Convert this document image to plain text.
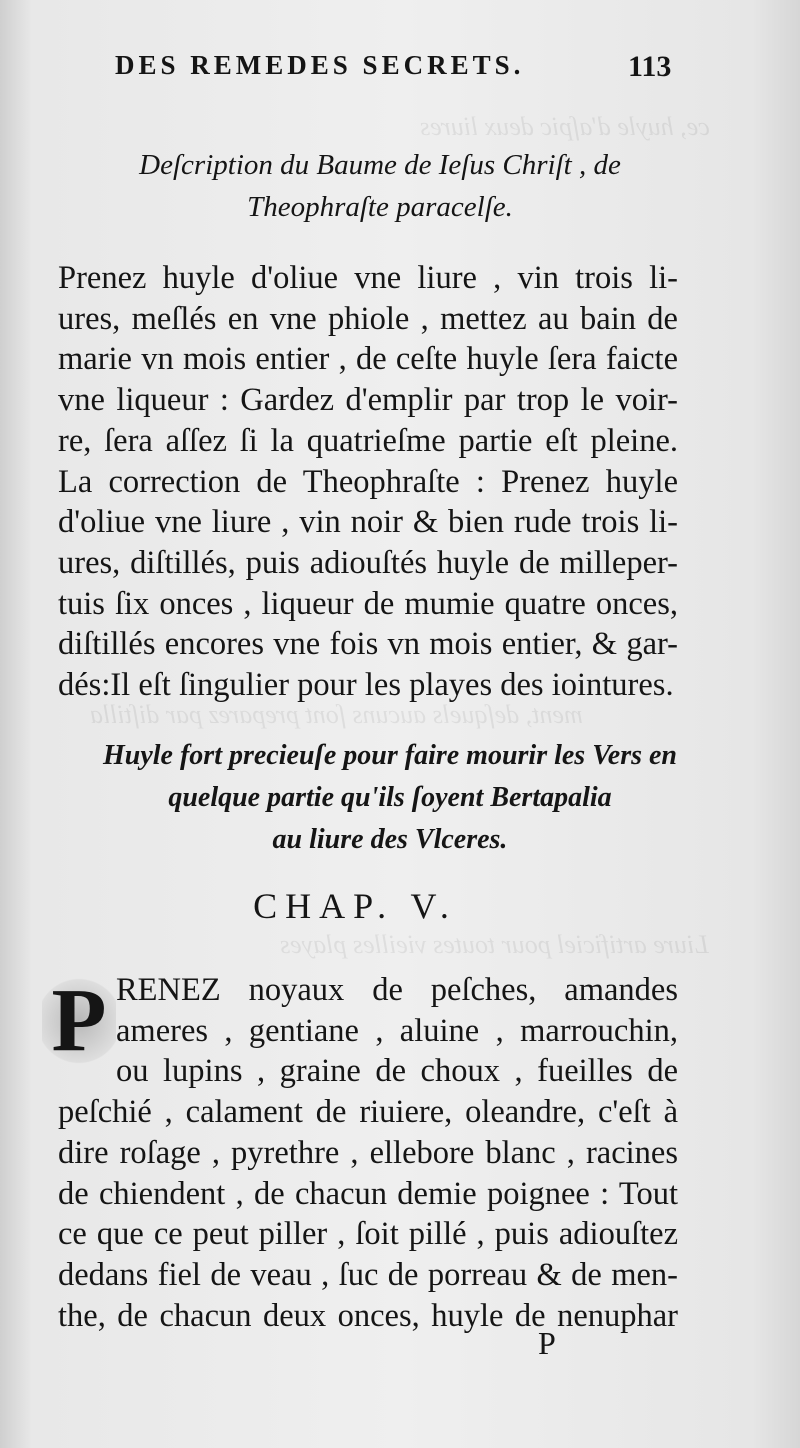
ce, huyle d'aſpic deux liures
ment, deſquels aucuns ſont preparez par diſtilla
Liure artificiel pour toutes vieilles playes
DES REMEDES SECRETS.	113
Deſcription du Baume de Ieſus Chriſt , de
Theophraſte paracelſe.
Prenez huyle d'oliue vne liure , vin trois li-
ures, meſlés en vne phiole , mettez au bain de
marie vn mois entier , de ceſte huyle ſera faicte
vne liqueur : Gardez d'emplir par trop le voir-
re, ſera aſſez ſi la quatrieſme partie eſt pleine.
La correction de Theophraſte : Prenez huyle
d'oliue vne liure , vin noir & bien rude trois li-
ures, diſtillés, puis adiouſtés huyle de milleper-
tuis ſix onces , liqueur de mumie quatre onces,
diſtillés encores vne fois vn mois entier, & gar-
dés:Il eſt ſingulier pour les playes des iointures.
Huyle fort precieuſe pour faire mourir les Vers en
quelque partie qu'ils ſoyent Bertapalia
au liure des Vlceres.
CHAP. V.
P RENEZ noyaux de peſches, amandes
ameres , gentiane , aluine , marrouchin,
ou lupins , graine de choux , fueilles de
peſchié , calament de riuiere, oleandre, c'eſt à
dire roſage , pyrethre , ellebore blanc , racines
de chiendent , de chacun demie poignee : Tout
ce que ce peut piller , ſoit pillé , puis adiouſtez
dedans fiel de veau , ſuc de porreau & de men-
the, de chacun deux onces, huyle de nenuphar
P
